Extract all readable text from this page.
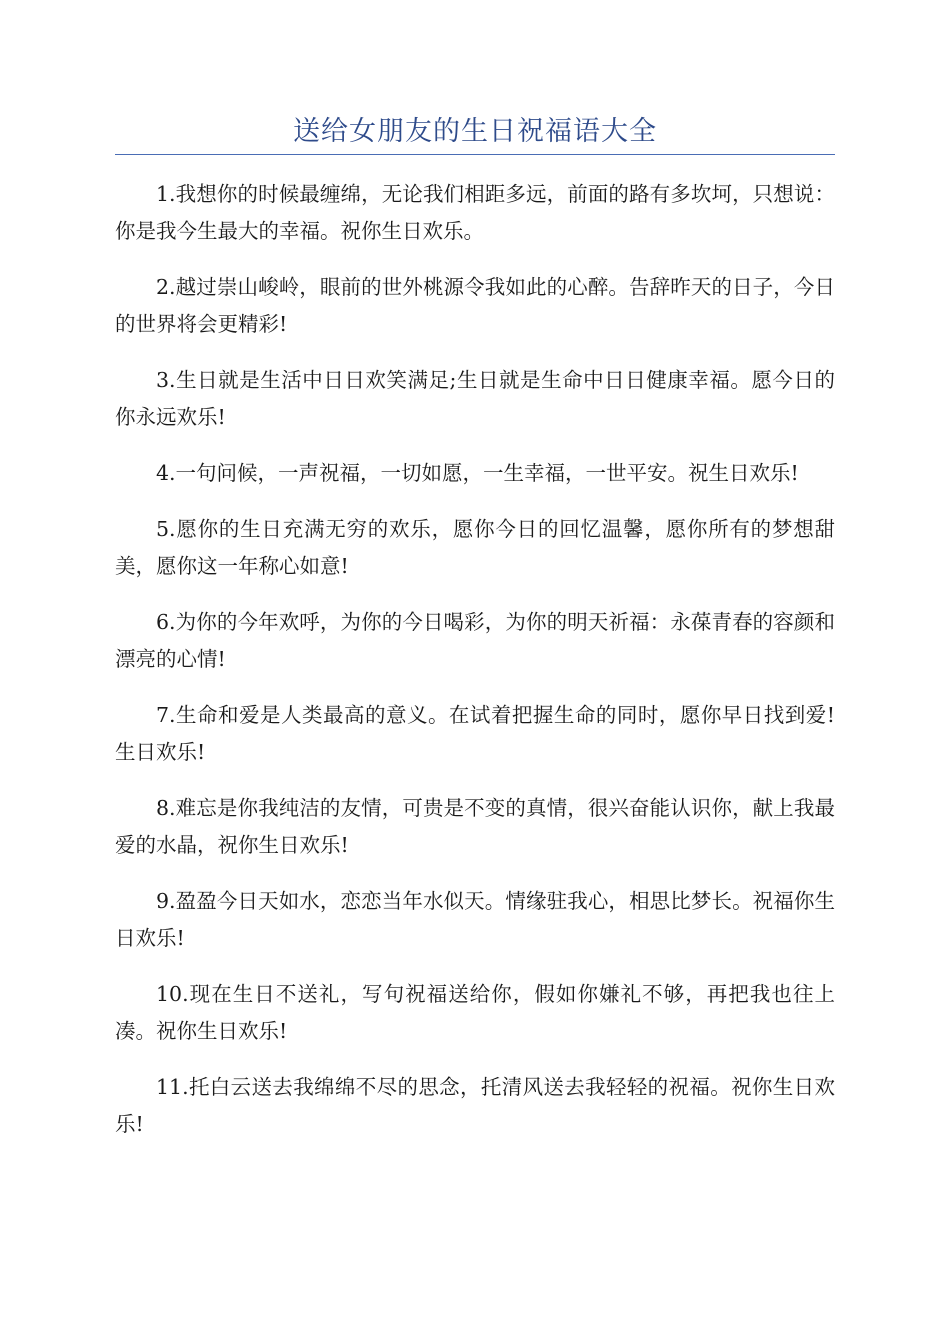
送给女朋友的生日祝福语大全

1.我想你的时候最缠绵，无论我们相距多远，前面的路有多坎坷，只想说：你是我今生最大的幸福。祝你生日欢乐。

2.越过崇山峻岭，眼前的世外桃源令我如此的心醉。告辞昨天的日子，今日的世界将会更精彩!

3.生日就是生活中日日欢笑满足;生日就是生命中日日健康幸福。愿今日的你永远欢乐!

4.一句问候，一声祝福，一切如愿，一生幸福，一世平安。祝生日欢乐!

5.愿你的生日充满无穷的欢乐，愿你今日的回忆温馨，愿你所有的梦想甜美，愿你这一年称心如意!

6.为你的今年欢呼，为你的今日喝彩，为你的明天祈福：永葆青春的容颜和漂亮的心情!

7.生命和爱是人类最高的意义。在试着把握生命的同时，愿你早日找到爱!生日欢乐!

8.难忘是你我纯洁的友情，可贵是不变的真情，很兴奋能认识你，献上我最爱的水晶，祝你生日欢乐!

9.盈盈今日天如水，恋恋当年水似天。情缘驻我心，相思比梦长。祝福你生日欢乐!

10.现在生日不送礼，写句祝福送给你，假如你嫌礼不够，再把我也往上凑。祝你生日欢乐!

11.托白云送去我绵绵不尽的思念，托清风送去我轻轻的祝福。祝你生日欢乐!
